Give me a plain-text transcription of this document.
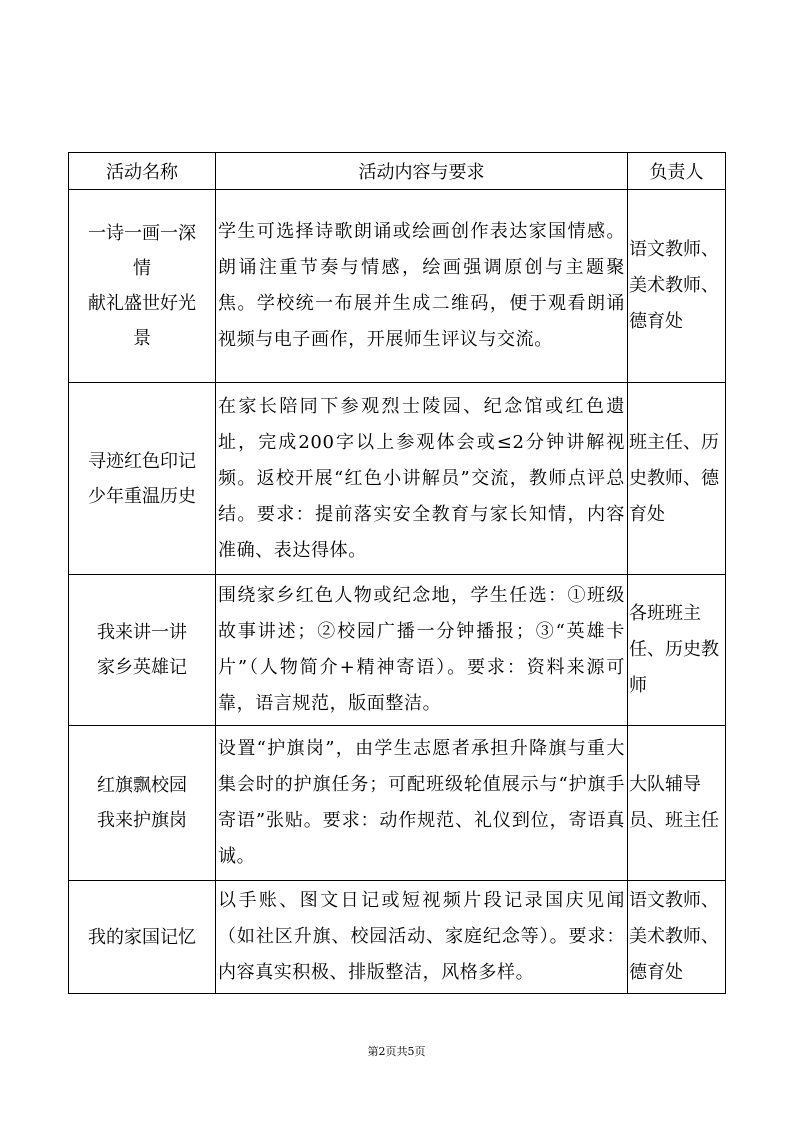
活动名称	活动内容与要求	负责人

一诗一画一深
情
献礼盛世好光
景	学生可选择诗歌朗诵或绘画创作表达家国情感。朗诵注重节奏与情感，绘画强调原创与主题聚焦。学校统一布展并生成二维码，便于观看朗诵视频与电子画作，开展师生评议与交流。	语文教师、美术教师、德育处

寻迹红色印记
少年重温历史	在家长陪同下参观烈士陵园、纪念馆或红色遗址，完成200字以上参观体会或≤2分钟讲解视频。返校开展“红色小讲解员”交流，教师点评总结。要求：提前落实安全教育与家长知情，内容准确、表达得体。	班主任、历史教师、德育处

我来讲一讲
家乡英雄记	围绕家乡红色人物或纪念地，学生任选：①班级故事讲述；②校园广播一分钟播报；③“英雄卡片”（人物简介+精神寄语）。要求：资料来源可靠，语言规范，版面整洁。	各班班主任、历史教师

红旗飘校园
我来护旗岗	设置“护旗岗”，由学生志愿者承担升降旗与重大集会时的护旗任务；可配班级轮值展示与“护旗手寄语”张贴。要求：动作规范、礼仪到位，寄语真诚。	大队辅导员、班主任

我的家国记忆	以手账、图文日记或短视频片段记录国庆见闻（如社区升旗、校园活动、家庭纪念等）。要求：内容真实积极、排版整洁，风格多样。	语文教师、美术教师、德育处
第2页共5页
